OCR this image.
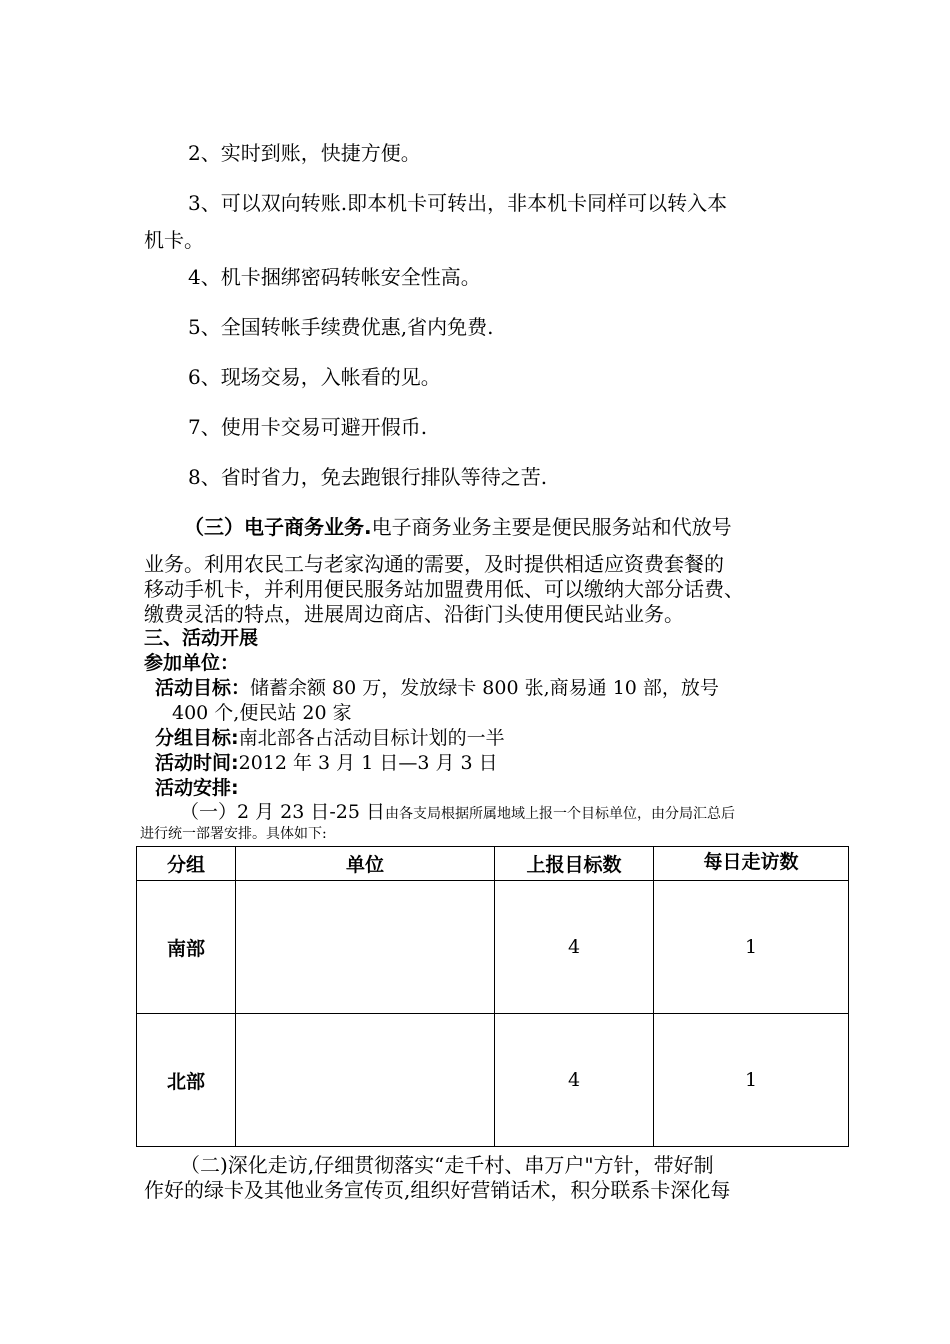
2、实时到账，快捷方便。
3、可以双向转账.即本机卡可转出，非本机卡同样可以转入本
机卡。
4、机卡捆绑密码转帐安全性高。
5、全国转帐手续费优惠,省内免费.
6、现场交易，入帐看的见。
7、使用卡交易可避开假币.
8、省时省力，免去跑银行排队等待之苦.
（三）电子商务业务.电子商务业务主要是便民服务站和代放号
业务。利用农民工与老家沟通的需要，及时提供相适应资费套餐的
移动手机卡，并利用便民服务站加盟费用低、可以缴纳大部分话费、
缴费灵活的特点，进展周边商店、沿街门头使用便民站业务。
三、活动开展
参加单位：
活动目标：储蓄余额 80 万，发放绿卡 800 张,商易通 10 部，放号
400 个,便民站 20 家
分组目标:南北部各占活动目标计划的一半
活动时间:2012 年 3 月 1 日—3 月 3 日
活动安排:
（一）2 月 23 日-25 日由各支局根据所属地域上报一个目标单位，由分局汇总后
进行统一部署安排。具体如下:
分组	单位	上报目标数	每日走访数
南部		4	1
北部		4	1
（二)深化走访,仔细贯彻落实“走千村、串万户"方针，带好制
作好的绿卡及其他业务宣传页,组织好营销话术，积分联系卡深化每
